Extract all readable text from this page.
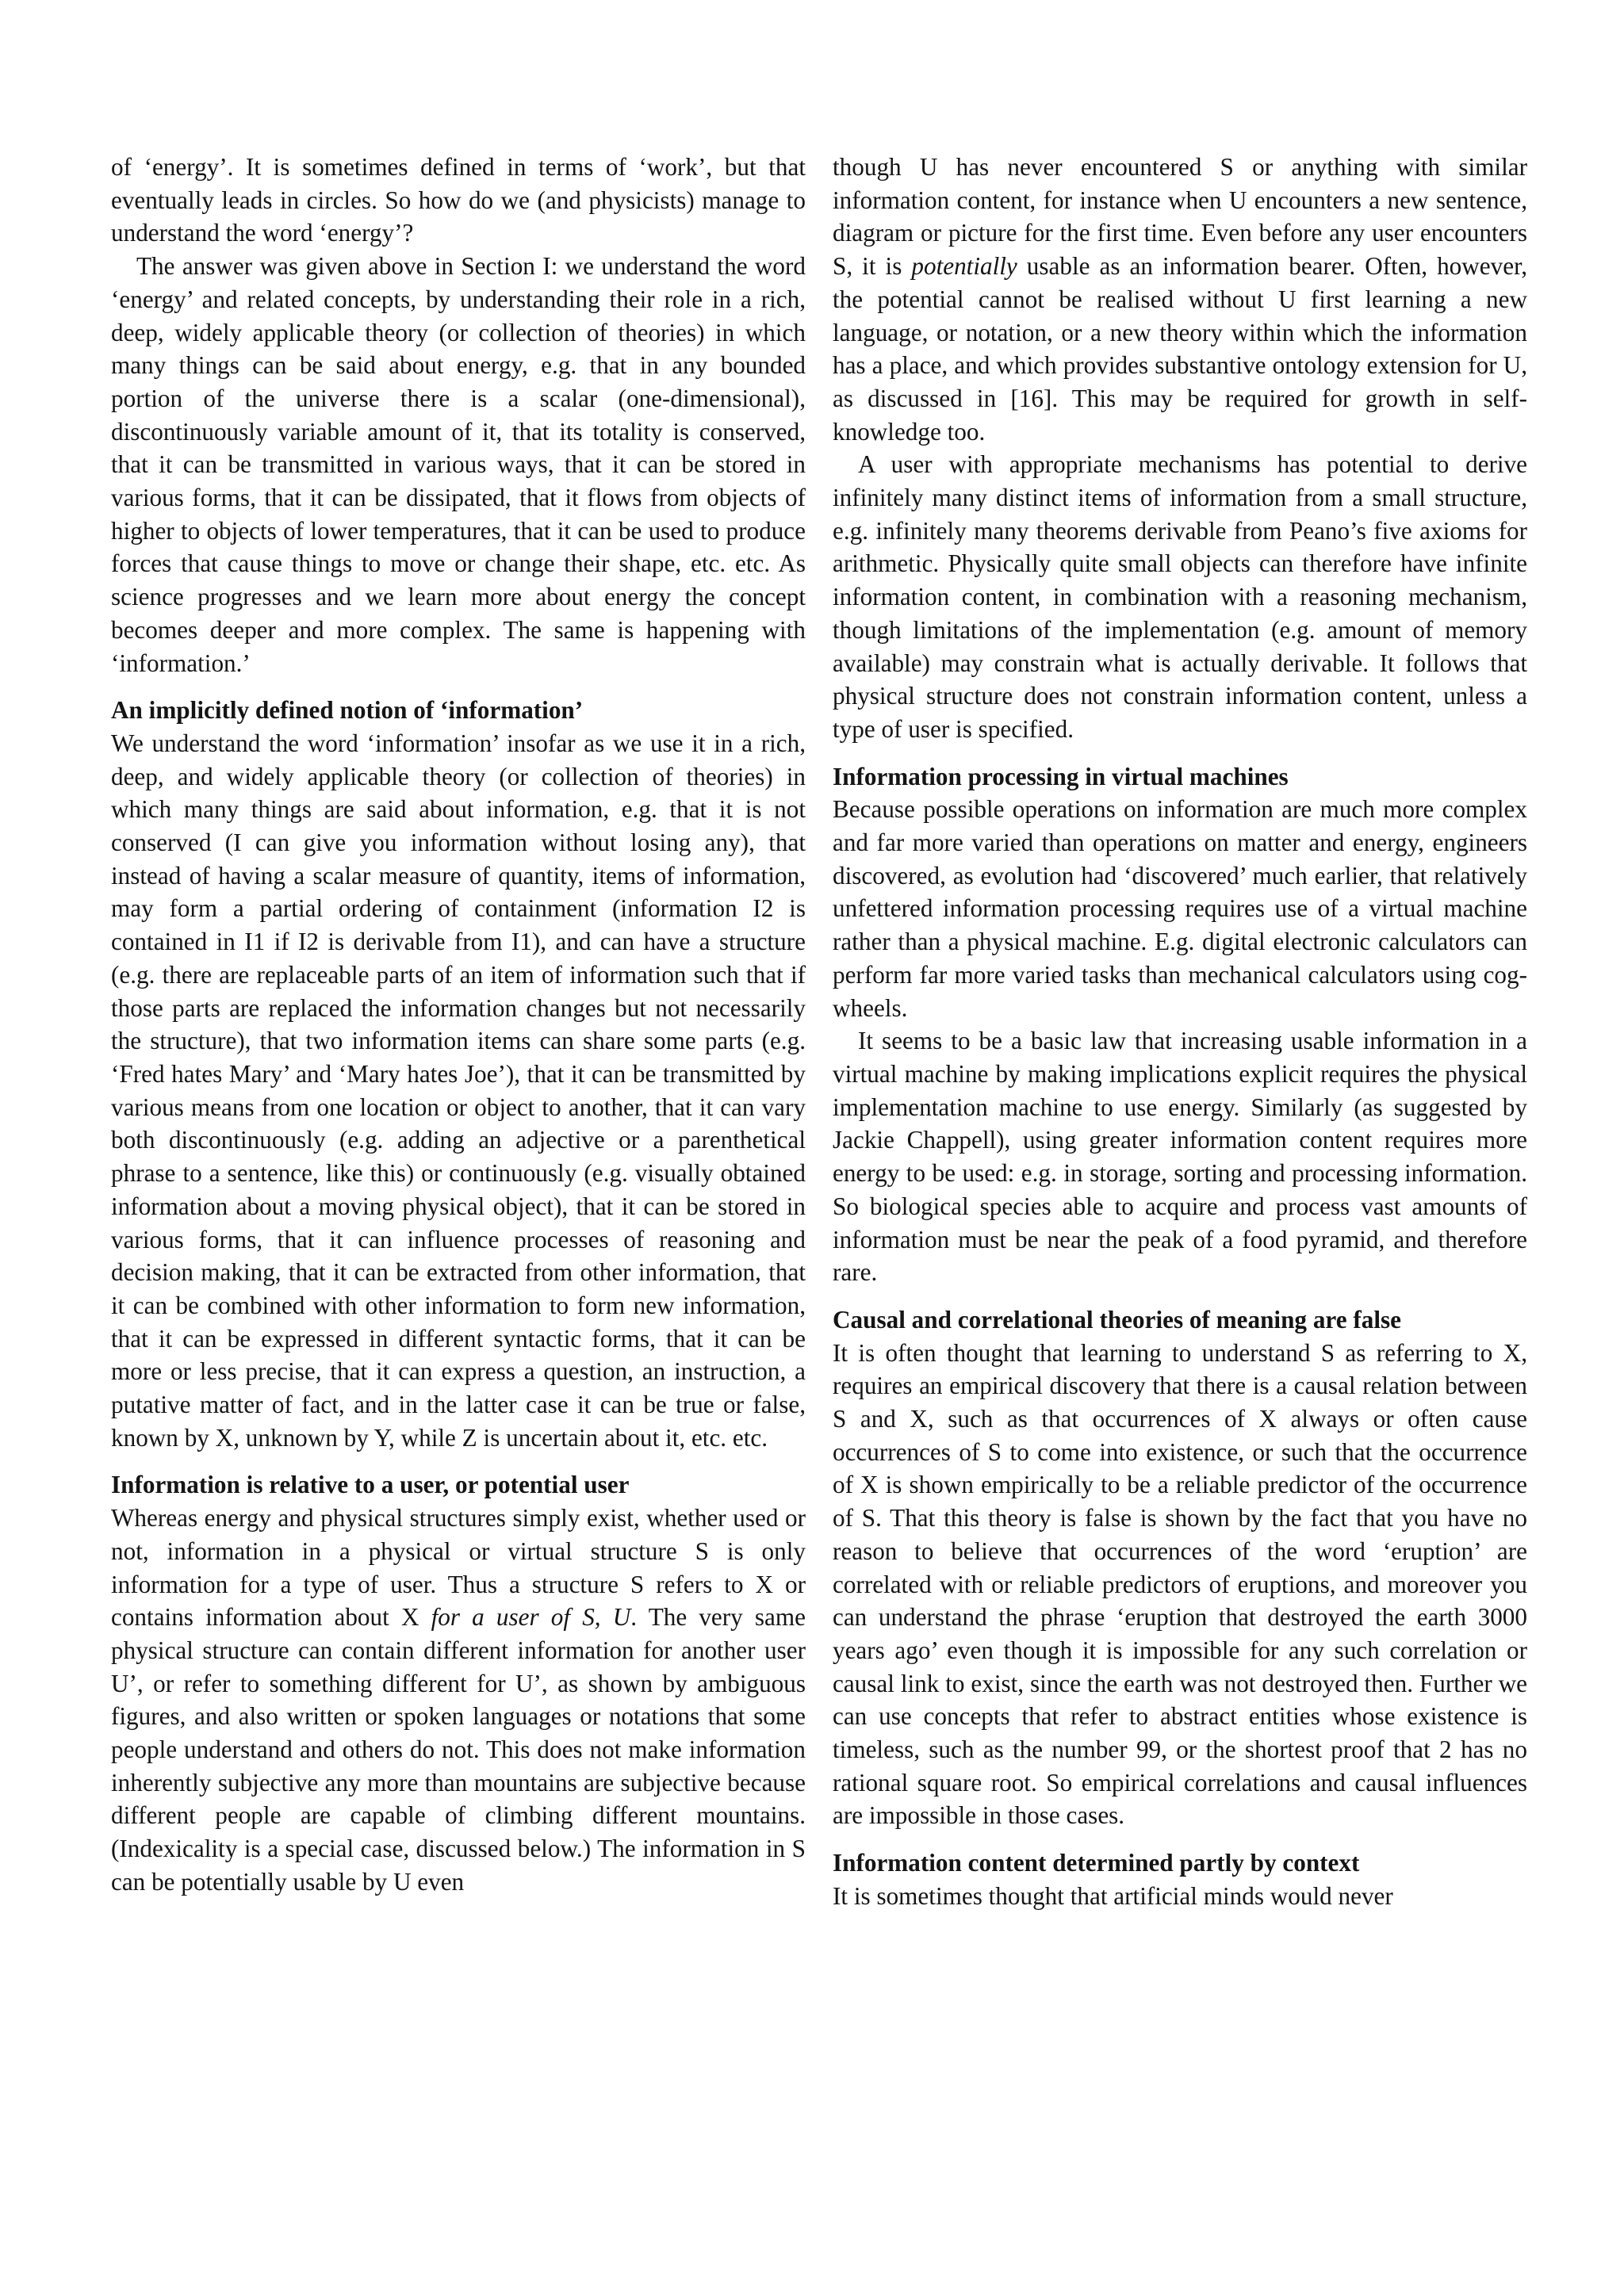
of ‘energy’. It is sometimes defined in terms of ‘work’, but that eventually leads in circles. So how do we (and physicists) manage to understand the word ‘energy’?

The answer was given above in Section I: we understand the word ‘energy’ and related concepts, by understanding their role in a rich, deep, widely applicable theory (or collection of theories) in which many things can be said about energy, e.g. that in any bounded portion of the universe there is a scalar (one-dimensional), discontinuously variable amount of it, that its totality is conserved, that it can be transmitted in various ways, that it can be stored in various forms, that it can be dissipated, that it flows from objects of higher to objects of lower temperatures, that it can be used to produce forces that cause things to move or change their shape, etc. etc. As science progresses and we learn more about energy the concept becomes deeper and more complex. The same is happening with ‘information.’

An implicitly defined notion of ‘information’

We understand the word ‘information’ insofar as we use it in a rich, deep, and widely applicable theory (or collection of theories) in which many things are said about information, e.g. that it is not conserved (I can give you information without losing any), that instead of having a scalar measure of quantity, items of information, may form a partial ordering of containment (information I2 is contained in I1 if I2 is derivable from I1), and can have a structure (e.g. there are replaceable parts of an item of information such that if those parts are replaced the information changes but not necessarily the structure), that two information items can share some parts (e.g. ‘Fred hates Mary’ and ‘Mary hates Joe’), that it can be transmitted by various means from one location or object to another, that it can vary both discontinuously (e.g. adding an adjective or a parenthetical phrase to a sentence, like this) or continuously (e.g. visually obtained information about a moving physical object), that it can be stored in various forms, that it can influence processes of reasoning and decision making, that it can be extracted from other information, that it can be combined with other information to form new information, that it can be expressed in different syntactic forms, that it can be more or less precise, that it can express a question, an instruction, a putative matter of fact, and in the latter case it can be true or false, known by X, unknown by Y, while Z is uncertain about it, etc. etc.

Information is relative to a user, or potential user

Whereas energy and physical structures simply exist, whether used or not, information in a physical or virtual structure S is only information for a type of user. Thus a structure S refers to X or contains information about X for a user of S, U. The very same physical structure can contain different information for another user U’, or refer to something different for U’, as shown by ambiguous figures, and also written or spoken languages or notations that some people understand and others do not. This does not make information inherently subjective any more than mountains are subjective because different people are capable of climbing different mountains. (Indexicality is a special case, discussed below.) The information in S can be potentially usable by U even

though U has never encountered S or anything with similar information content, for instance when U encounters a new sentence, diagram or picture for the first time. Even before any user encounters S, it is potentially usable as an information bearer. Often, however, the potential cannot be realised without U first learning a new language, or notation, or a new theory within which the information has a place, and which provides substantive ontology extension for U, as discussed in [16]. This may be required for growth in self-knowledge too.

A user with appropriate mechanisms has potential to derive infinitely many distinct items of information from a small structure, e.g. infinitely many theorems derivable from Peano’s five axioms for arithmetic. Physically quite small objects can therefore have infinite information content, in combination with a reasoning mechanism, though limitations of the implementation (e.g. amount of memory available) may constrain what is actually derivable. It follows that physical structure does not constrain information content, unless a type of user is specified.

Information processing in virtual machines

Because possible operations on information are much more complex and far more varied than operations on matter and energy, engineers discovered, as evolution had ‘discovered’ much earlier, that relatively unfettered information processing requires use of a virtual machine rather than a physical machine. E.g. digital electronic calculators can perform far more varied tasks than mechanical calculators using cog-wheels.

It seems to be a basic law that increasing usable information in a virtual machine by making implications explicit requires the physical implementation machine to use energy. Similarly (as suggested by Jackie Chappell), using greater information content requires more energy to be used: e.g. in storage, sorting and processing information. So biological species able to acquire and process vast amounts of information must be near the peak of a food pyramid, and therefore rare.

Causal and correlational theories of meaning are false

It is often thought that learning to understand S as referring to X, requires an empirical discovery that there is a causal relation between S and X, such as that occurrences of X always or often cause occurrences of S to come into existence, or such that the occurrence of X is shown empirically to be a reliable predictor of the occurrence of S. That this theory is false is shown by the fact that you have no reason to believe that occurrences of the word ‘eruption’ are correlated with or reliable predictors of eruptions, and moreover you can understand the phrase ‘eruption that destroyed the earth 3000 years ago’ even though it is impossible for any such correlation or causal link to exist, since the earth was not destroyed then. Further we can use concepts that refer to abstract entities whose existence is timeless, such as the number 99, or the shortest proof that 2 has no rational square root. So empirical correlations and causal influences are impossible in those cases.

Information content determined partly by context

It is sometimes thought that artificial minds would never
